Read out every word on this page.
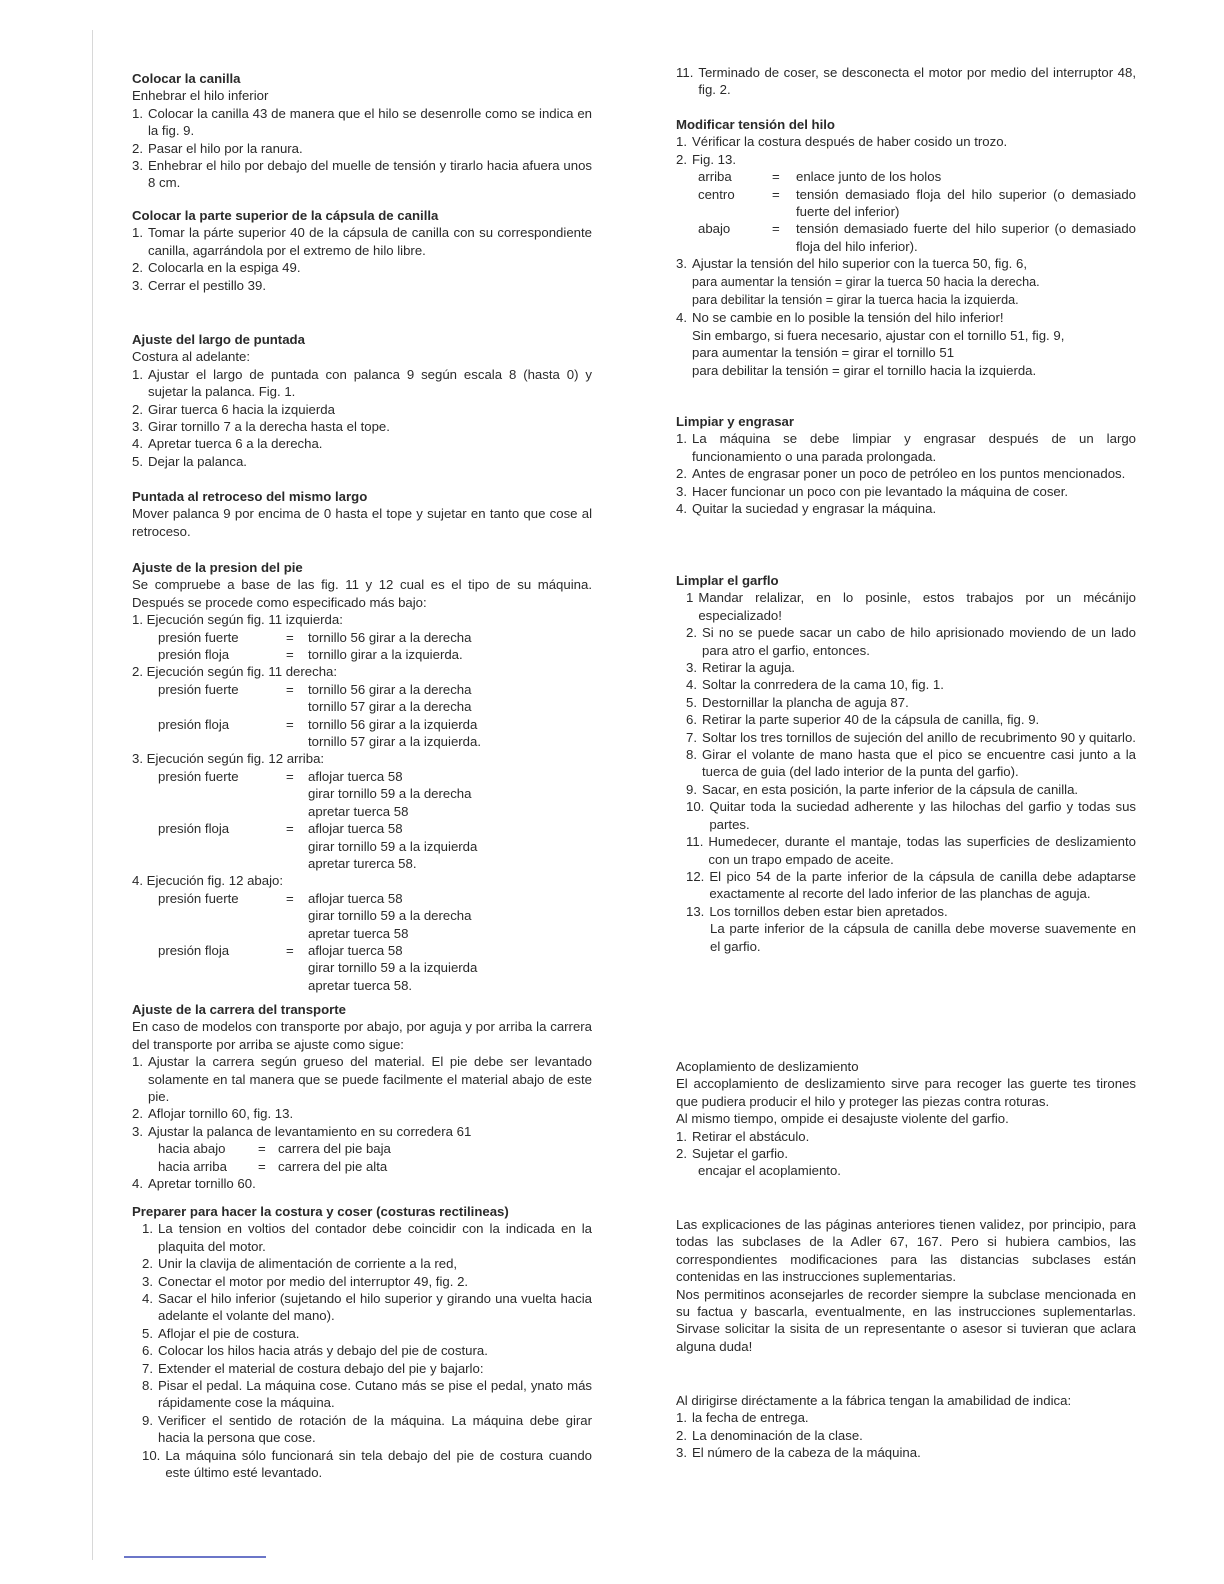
Colocar la canilla
Enhebrar el hilo inferior
1. Colocar la canilla 43 de manera que el hilo se desenrolle como se indica en la fig. 9.
2. Pasar el hilo por la ranura.
3. Enhebrar el hilo por debajo del muelle de tensión y tirarlo hacia afuera unos 8 cm.
Colocar la parte superior de la cápsula de canilla
1. Tomar la párte superior 40 de la cápsula de canilla con su correspondiente canilla, agarrándola por el extremo de hilo libre.
2. Colocarla en la espiga 49.
3. Cerrar el pestillo 39.
Ajuste del largo de puntada
Costura al adelante:
1. Ajustar el largo de puntada con palanca 9 según escala 8 (hasta 0) y sujetar la palanca. Fig. 1.
2. Girar tuerca 6 hacia la izquierda
3. Girar tornillo 7 a la derecha hasta el tope.
4. Apretar tuerca 6 a la derecha.
5. Dejar la palanca.
Puntada al retroceso del mismo largo
Mover palanca 9 por encima de 0 hasta el tope y sujetar en tanto que cose al retroceso.
Ajuste de la presion del pie
Se compruebe a base de las fig. 11 y 12 cual es el tipo de su máquina. Después se procede como especificado más bajo:
1. Ejecución según fig. 11 izquierda:
presión fuerte	=	tornillo 56 girar a la derecha
presión floja	=	tornillo girar a la izquierda.
2. Ejecución según fig. 11 derecha:
presión fuerte	=	tornillo 56 girar a la derecha
tornillo 57 girar a la derecha
presión floja	=	tornillo 56 girar a la izquierda
tornillo 57 girar a la izquierda.
3. Ejecución según fig. 12 arriba:
presión fuerte	=	aflojar tuerca 58
girar tornillo 59 a la derecha
apretar tuerca 58
presión floja	=	aflojar tuerca 58
girar tornillo 59 a la izquierda
apretar turerca 58.
4. Ejecución fig. 12 abajo:
presión fuerte	=	aflojar tuerca 58
girar tornillo 59 a la derecha
apretar tuerca 58
presión floja	=	aflojar tuerca 58
girar tornillo 59 a la izquierda
apretar tuerca 58.
Ajuste de la carrera del transporte
En caso de modelos con transporte por abajo, por aguja y por arriba la carrera del transporte por arriba se ajuste como sigue:
1. Ajustar la carrera según grueso del material. El pie debe ser levantado solamente en tal manera que se puede facilmente el material abajo de este pie.
2. Aflojar tornillo 60, fig. 13.
3. Ajustar la palanca de levantamiento en su corredera 61
hacia abajo	= carrera del pie baja
hacia arriba	= carrera del pie alta
4. Apretar tornillo 60.
Preparer para hacer la costura y coser (costuras rectilineas)
1. La tension en voltios del contador debe coincidir con la indicada en la plaquita del motor.
2. Unir la clavija de alimentación de corriente a la red,
3. Conectar el motor por medio del interruptor 49, fig. 2.
4. Sacar el hilo inferior (sujetando el hilo superior y girando una vuelta hacia adelante el volante del mano).
5. Aflojar el pie de costura.
6. Colocar los hilos hacia atrás y debajo del pie de costura.
7. Extender el material de costura debajo del pie y bajarlo:
8. Pisar el pedal. La máquina cose. Cutano más se pise el pedal, ynato más rápidamente cose la máquina.
9. Verificer el sentido de rotación de la máquina. La máquina debe girar hacia la persona que cose.
10. La máquina sólo funcionará sin tela debajo del pie de costura cuando este último esté levantado.
11. Terminado de coser, se desconecta el motor por medio del interruptor 48, fig. 2.
Modificar tensión del hilo
1. Vérificar la costura después de haber cosido un trozo.
2. Fig. 13.
arriba	=	enlace junto de los holos
centro	=	tensión demasiado floja del hilo superior (o demasiado fuerte del inferior)
abajo	=	tensión demasiado fuerte del hilo superior (o demasiado floja del hilo inferior).
3. Ajustar la tensión del hilo superior con la tuerca 50, fig. 6,
para aumentar la tensión = girar la tuerca 50 hacia la derecha.
para debilitar la tensión = girar la tuerca hacia la izquierda.
4. No se cambie en lo posible la tensión del hilo inferior!
Sin embargo, si fuera necesario, ajustar con el tornillo 51, fig. 9,
para aumentar la tensión = girar el tornillo 51
para debilitar la tensión = girar el tornillo hacia la izquierda.
Limpiar y engrasar
1. La máquina se debe limpiar y engrasar después de un largo funcionamiento o una parada prolongada.
2. Antes de engrasar poner un poco de petróleo en los puntos mencionados.
3. Hacer funcionar un poco con pie levantado la máquina de coser.
4. Quitar la suciedad y engrasar la máquina.
Limplar el garflo
1 Mandar relalizar, en lo posinle, estos trabajos por un mécánijo especializado!
2. Si no se puede sacar un cabo de hilo aprisionado moviendo de un lado para atro el garfio, entonces.
3. Retirar la aguja.
4. Soltar la conrredera de la cama 10, fig. 1.
5. Destornillar la plancha de aguja 87.
6. Retirar la parte superior 40 de la cápsula de canilla, fig. 9.
7. Soltar los tres tornillos de sujeción del anillo de recubrimento 90 y quitarlo.
8. Girar el volante de mano hasta que el pico se encuentre casi junto a la tuerca de guia (del lado interior de la punta del garfio).
9. Sacar, en esta posición, la parte inferior de la cápsula de canilla.
10. Quitar toda la suciedad adherente y las hilochas del garfio y todas sus partes.
11. Humedecer, durante el mantaje, todas las superficies de deslizamiento con un trapo empado de aceite.
12. El pico 54 de la parte inferior de la cápsula de canilla debe adaptarse exactamente al recorte del lado inferior de las planchas de aguja.
13. Los tornillos deben estar bien apretados.
La parte inferior de la cápsula de canilla debe moverse suavemente en el garfio.
Acoplamiento de deslizamiento
El accoplamiento de deslizamiento sirve para recoger las guerte tes tirones que pudiera producir el hilo y proteger las piezas contra roturas.
Al mismo tiempo, ompide ei desajuste violente del garfio.
1. Retirar el abstáculo.
2. Sujetar el garfio.
encajar el acoplamiento.
Las explicaciones de las páginas anteriores tienen validez, por principio, para todas las subclases de la Adler 67, 167. Pero si hubiera cambios, las correspondientes modificaciones para las distancias subclases están contenidas en las instrucciones suplementarias.
Nos permitinos aconsejarles de recorder siempre la subclase mencionada en su factua y bascarla, eventualmente, en las instrucciones suplementarlas. Sirvase solicitar la sisita de un representante o asesor si tuvieran que aclara alguna duda!
Al dirigirse diréctamente a la fábrica tengan la amabilidad de indica:
1. la fecha de entrega.
2. La denominación de la clase.
3. El número de la cabeza de la máquina.
